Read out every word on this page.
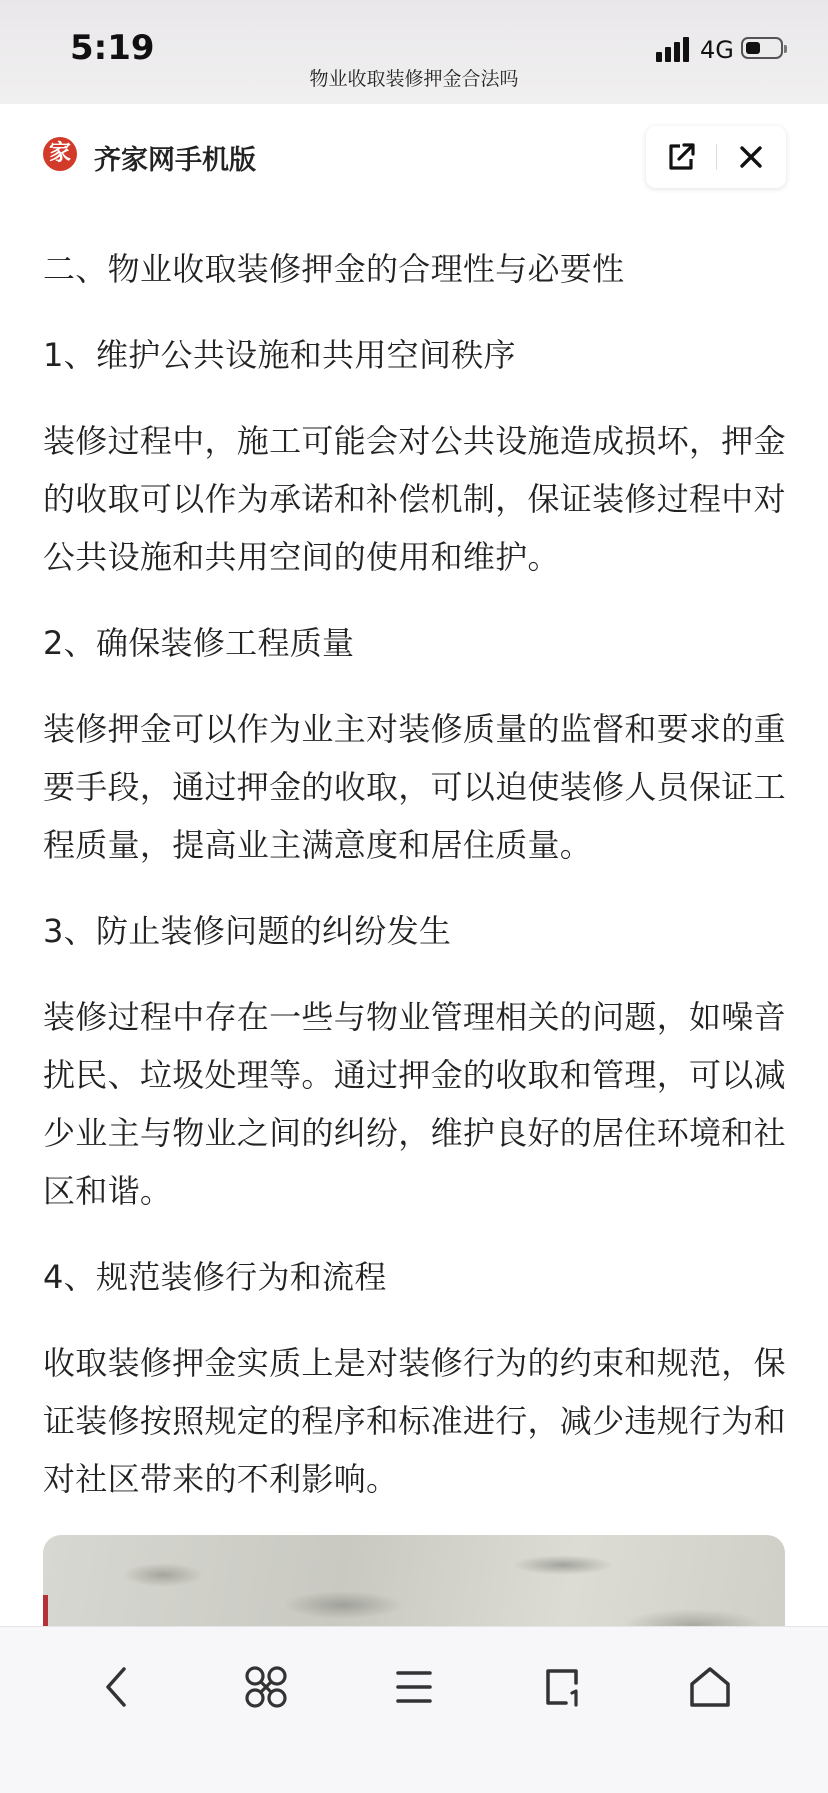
5:19	4G
物业收取装修押金合法吗
家 齐家网手机版

二、物业收取装修押金的合理性与必要性

1、维护公共设施和共用空间秩序

装修过程中，施工可能会对公共设施造成损坏，押金的收取可以作为承诺和补偿机制，保证装修过程中对公共设施和共用空间的使用和维护。

2、确保装修工程质量

装修押金可以作为业主对装修质量的监督和要求的重要手段，通过押金的收取，可以迫使装修人员保证工程质量，提高业主满意度和居住质量。

3、防止装修问题的纠纷发生

装修过程中存在一些与物业管理相关的问题，如噪音扰民、垃圾处理等。通过押金的收取和管理，可以减少业主与物业之间的纠纷，维护良好的居住环境和社区和谐。

4、规范装修行为和流程

收取装修押金实质上是对装修行为的约束和规范，保证装修按照规定的程序和标准进行，减少违规行为和对社区带来的不利影响。
